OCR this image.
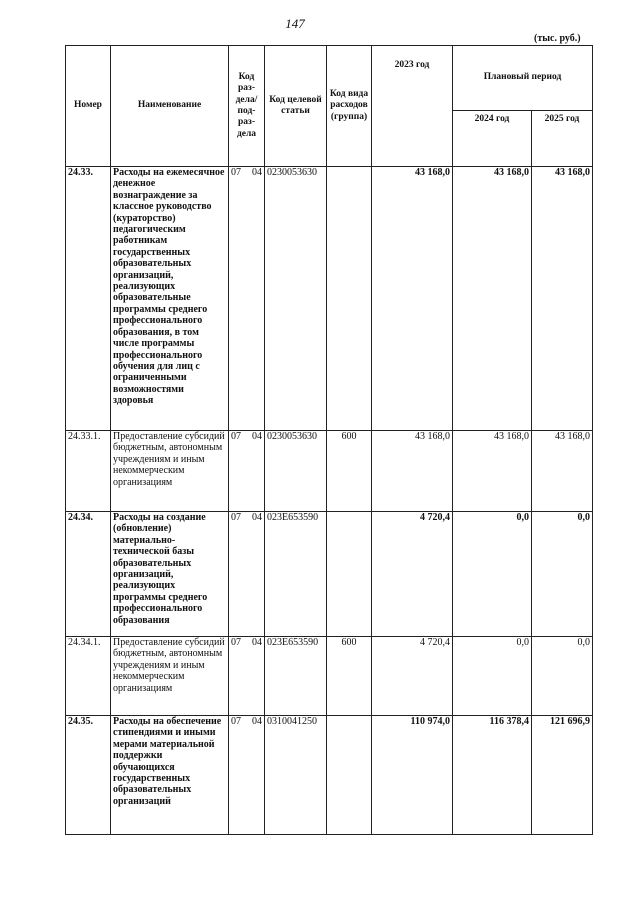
147
(тыс. руб.)
Номер	Наименование	Код раз-дела/ под-раз-дела	Код целевой статьи	Код вида расходов (группа)	2023 год	Плановый период	
						2024 год	2025 год
24.33.	Расходы на ежемесячное денежное вознаграждение за классное руководство (кураторство) педагогическим работникам государственных образовательных организаций, реализующих образовательные программы среднего профессионального образования, в том числе программы профессионального обучения для лиц с ограниченными возможностями здоровья	07 04	0230053630		43 168,0	43 168,0	43 168,0
24.33.1.	Предоставление субсидий бюджетным, автономным учреждениям и иным некоммерческим организациям	07 04	0230053630	600	43 168,0	43 168,0	43 168,0
24.34.	Расходы на создание (обновление) материально-технической базы образовательных организаций, реализующих программы среднего профессионального образования	07 04	023Е653590		4 720,4	0,0	0,0
24.34.1.	Предоставление субсидий бюджетным, автономным учреждениям и иным некоммерческим организациям	07 04	023Е653590	600	4 720,4	0,0	0,0
24.35.	Расходы на обеспечение стипендиями и иными мерами материальной поддержки обучающихся государственных образовательных организаций	07 04	0310041250		110 974,0	116 378,4	121 696,9
